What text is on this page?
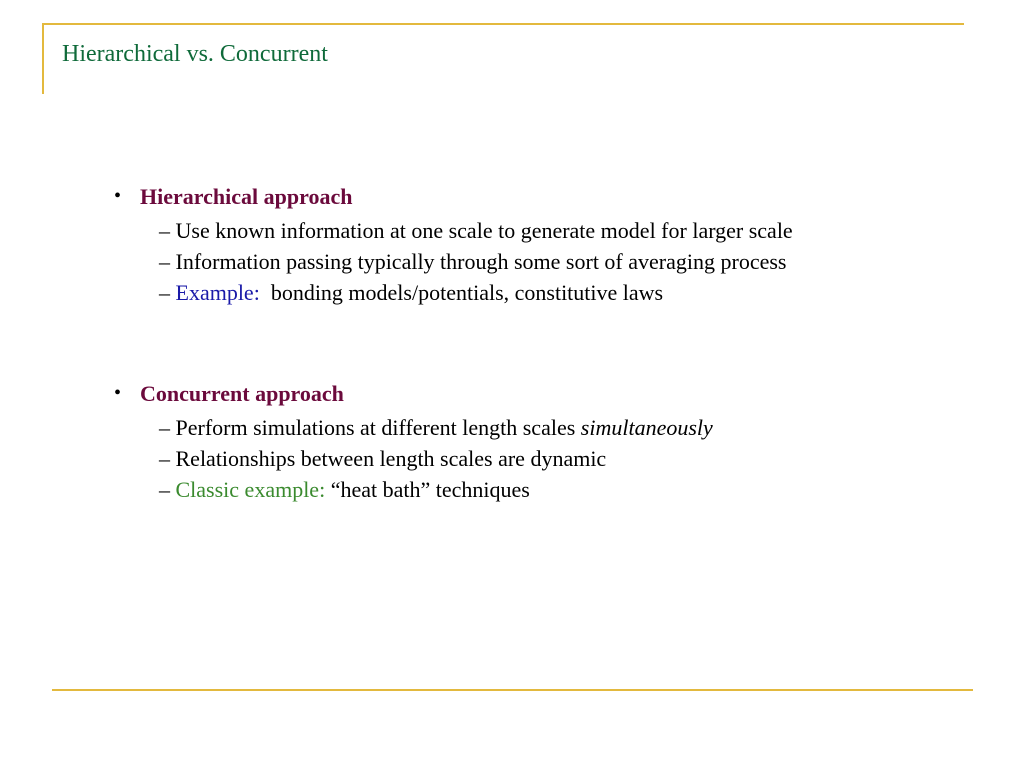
Hierarchical vs. Concurrent
• Hierarchical approach
– Use known information at one scale to generate model for larger scale
– Information passing typically through some sort of averaging process
– Example: bonding models/potentials, constitutive laws
• Concurrent approach
– Perform simulations at different length scales simultaneously
– Relationships between length scales are dynamic
– Classic example: “heat bath” techniques
